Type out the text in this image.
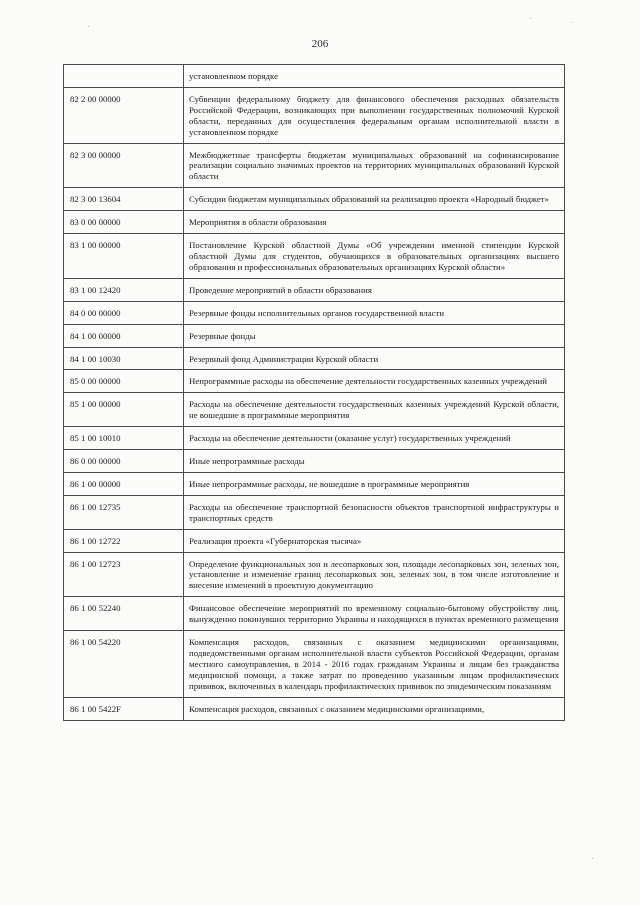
206
	установленном порядке
82 2 00 00000	Субвенции федеральному бюджету для финансового обеспечения расходных обязательств Российской Федерации, возникающих при выполнении государственных полномочий Курской области, переданных для осуществления федеральным органам исполнительной власти в установленном порядке
82 3 00 00000	Межбюджетные трансферты бюджетам муниципальных образований на софинансирование реализации социально значимых проектов на территориях муниципальных образований Курской области
82 3 00 13604	Субсидии бюджетам муниципальных образований на реализацию проекта «Народный бюджет»
83 0 00 00000	Мероприятия в области образования
83 1 00 00000	Постановление Курской областной Думы «Об учреждении именной стипендии Курской областной Думы для студентов, обучающихся в образовательных организациях высшего образования и профессиональных образовательных организациях Курской области»
83 1 00 12420	Проведение мероприятий в области образования
84 0 00 00000	Резервные фонды исполнительных органов государственной власти
84 1 00 00000	Резервные фонды
84 1 00 10030	Резервный фонд Администрации Курской области
85 0 00 00000	Непрограммные расходы на обеспечение деятельности государственных казенных учреждений
85 1 00 00000	Расходы на обеспечение деятельности государственных казенных учреждений Курской области, не вошедшие в программные мероприятия
85 1 00 10010	Расходы на обеспечение деятельности (оказание услуг) государственных учреждений
86 0 00 00000	Иные непрограммные расходы
86 1 00 00000	Иные непрограммные расходы, не вошедшие в программные мероприятия
86 1 00 12735	Расходы на обеспечение транспортной безопасности объектов транспортной инфраструктуры и транспортных средств
86 1 00 12722	Реализация проекта «Губернаторская тысяча»
86 1 00 12723	Определение функциональных зон и лесопарковых зон, площади лесопарковых зон, зеленых зон, установление и изменение границ лесопарковых зон, зеленых зон, в том числе изготовление и внесение изменений в проектную документацию
86 1 00 52240	Финансовое обеспечение мероприятий по временному социально-бытовому обустройству лиц, вынужденно покинувших территорию Украины и находящихся в пунктах временного размещения
86 1 00 54220	Компенсация расходов, связанных с оказанием медицинскими организациями, подведомственными органам исполнительной власти субъектов Российской Федерации, органам местного самоуправления, в 2014 - 2016 годах гражданам Украины и лицам без гражданства медицинской помощи, а также затрат по проведению указанным лицам профилактических прививок, включенных в календарь профилактических прививок по эпидемическим показаниям
86 1 00 5422F	Компенсация расходов, связанных с оказанием медицинскими организациями,
